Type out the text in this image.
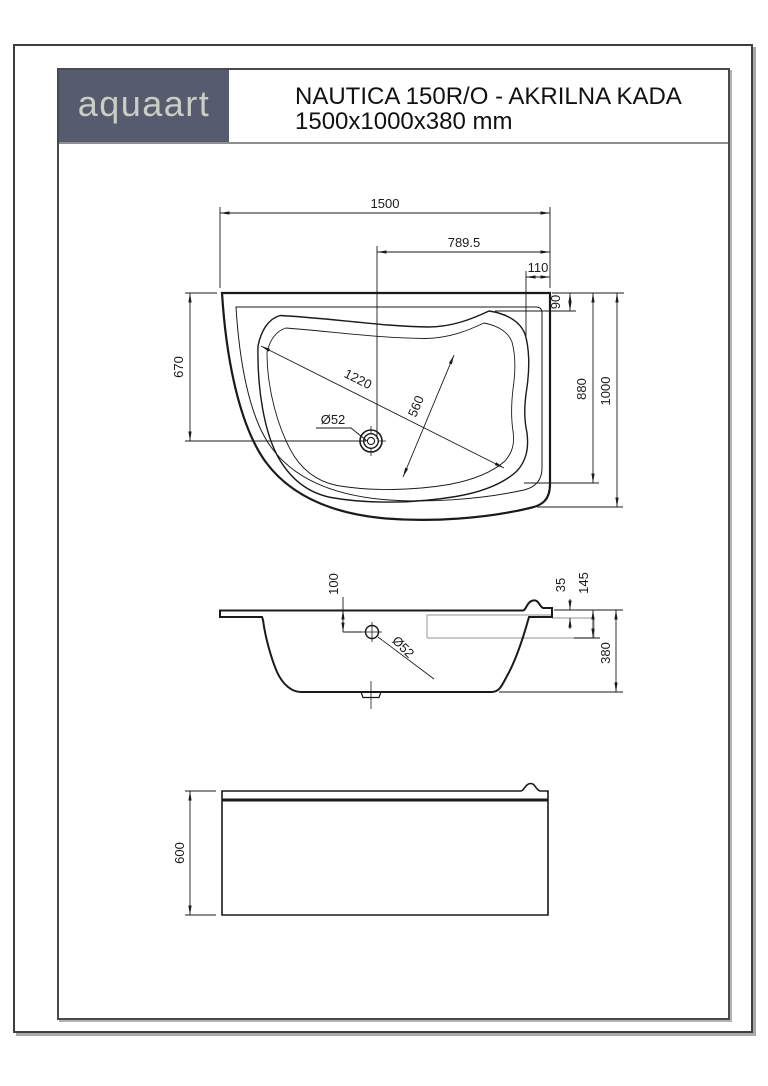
aquaart	NAUTICA 150R/O - AKRILNA KADA
1500x1000x380 mm
1500
789.5
110
90
670	1220
560
Ø52
880 1000
100
Ø52
35 145
380
600
